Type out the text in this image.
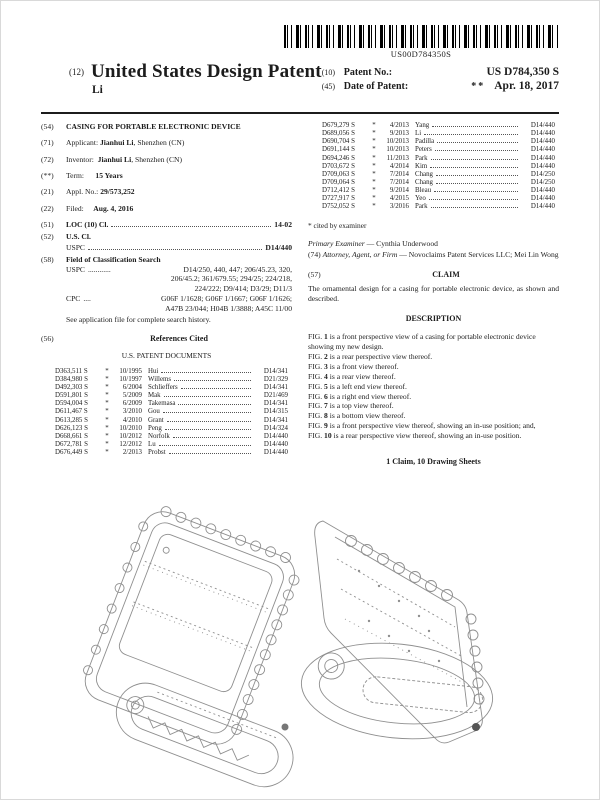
US00D784350S
(12) United States Design Patent
Li
(10) Patent No.:	US D784,350 S
(45) Date of Patent:	** Apr. 18, 2017
(54)	CASING FOR PORTABLE ELECTRONIC DEVICE
(71)	Applicant: Jianhui Li, Shenzhen (CN)
(72)	Inventor: Jianhui Li, Shenzhen (CN)
(**)	Term: 15 Years
(21)	Appl. No.: 29/573,252
(22)	Filed: Aug. 4, 2016
(51)	LOC (10) Cl.	14-02
(52)	U.S. Cl.
USPC	D14/440
(58)	Field of Classification Search
USPC ............	D14/250, 440, 447; 206/45.23, 320,
206/45.2; 361/679.55; 294/25; 224/218,
224/222; D9/414; D3/29; D11/3
CPC ....	G06F 1/1628; G06F 1/1667; G06F 1/1626;
A47B 23/044; H04B 1/3888; A45C 11/00
See application file for complete search history.
(56)	References Cited
U.S. PATENT DOCUMENTS
D363,511 S	*	10/1995 Hui	D14/341
D384,980 S	*	10/1997 Willems	D21/329
D492,303 S	*	6/2004 Schlieffers	D14/341
D591,801 S	*	5/2009 Mak	D21/469
D594,004 S	*	6/2009 Takemasa	D14/341
D611,467 S	*	3/2010 Gou	D14/315
D613,285 S	*	4/2010 Grant	D14/341
D626,123 S	*	10/2010 Peng	D14/324
D668,661 S	*	10/2012 Norfolk	D14/440
D672,781 S	*	12/2012 Lu	D14/440
D676,449 S	*	2/2013 Probst	D14/440
D679,279 S	*	4/2013 Yang	D14/440
D689,056 S	*	9/2013 Li	D14/440
D690,704 S	*	10/2013 Padilla	D14/440
D691,144 S	*	10/2013 Peters	D14/440
D694,246 S	*	11/2013 Park	D14/440
D703,672 S	*	4/2014 Kim	D14/440
D709,063 S	*	7/2014 Chang	D14/250
D709,064 S	*	7/2014 Chang	D14/250
D712,412 S	*	9/2014 Bleau	D14/440
D727,917 S	*	4/2015 Yeo	D14/440
D752,052 S	*	3/2016 Park	D14/440
* cited by examiner

Primary Examiner — Cynthia Underwood

(74) Attorney, Agent, or Firm — Novoclaims Patent Services LLC; Mei Lin Wong

(57)	CLAIM
The ornamental design for a casing for portable electronic device, as shown and described.
DESCRIPTION

FIG. 1 is a front perspective view of a casing for portable electronic device showing my new design.

FIG. 2 is a rear perspective view thereof.

FIG. 3 is a front view thereof.

FIG. 4 is a rear view thereof.

FIG. 5 is a left end view thereof.

FIG. 6 is a right end view thereof.

FIG. 7 is a top view thereof.

FIG. 8 is a bottom view thereof.

FIG. 9 is a front perspective view thereof, showing an in-use position; and,

FIG. 10 is a rear perspective view thereof, showing an in-use position.

1 Claim, 10 Drawing Sheets
